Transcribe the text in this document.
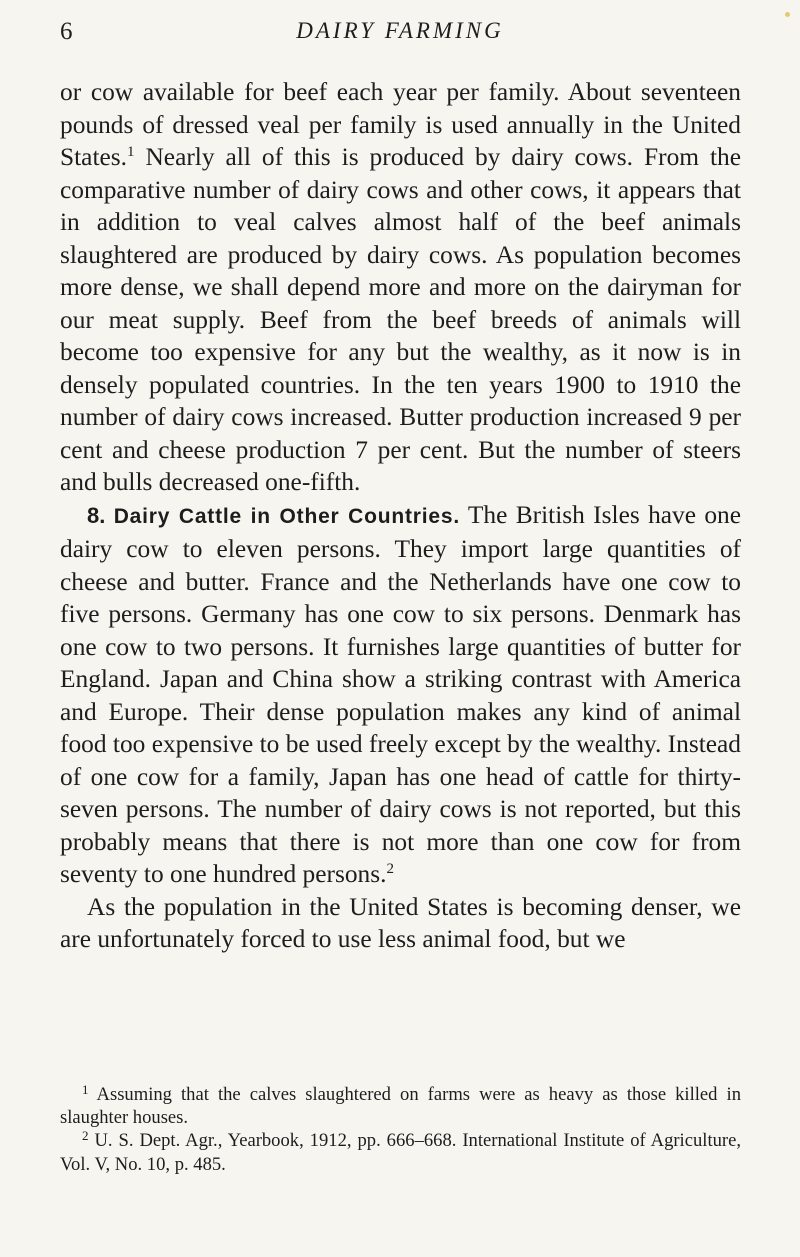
6	DAIRY FARMING

or cow available for beef each year per family. About seventeen pounds of dressed veal per family is used annually in the United States.$^1$ Nearly all of this is produced by dairy cows. From the comparative number of dairy cows and other cows, it appears that in addition to veal calves almost half of the beef animals slaughtered are produced by dairy cows. As population becomes more dense, we shall depend more and more on the dairyman for our meat supply. Beef from the beef breeds of animals will become too expensive for any but the wealthy, as it now is in densely populated countries. In the ten years 1900 to 1910 the number of dairy cows increased. Butter production increased 9 per cent and cheese production 7 per cent. But the number of steers and bulls decreased one-fifth.

8. Dairy Cattle in Other Countries. The British Isles have one dairy cow to eleven persons. They import large quantities of cheese and butter. France and the Netherlands have one cow to five persons. Germany has one cow to six persons. Denmark has one cow to two persons. It furnishes large quantities of butter for England. Japan and China show a striking contrast with America and Europe. Their dense population makes any kind of animal food too expensive to be used freely except by the wealthy. Instead of one cow for a family, Japan has one head of cattle for thirty-seven persons. The number of dairy cows is not reported, but this probably means that there is not more than one cow for from seventy to one hundred persons.$^2$

As the population in the United States is becoming denser, we are unfortunately forced to use less animal food, but we

$^1$ Assuming that the calves slaughtered on farms were as heavy as those killed in slaughter houses.

$^2$ U. S. Dept. Agr., Yearbook, 1912, pp. 666–668. International Institute of Agriculture, Vol. V, No. 10, p. 485.
